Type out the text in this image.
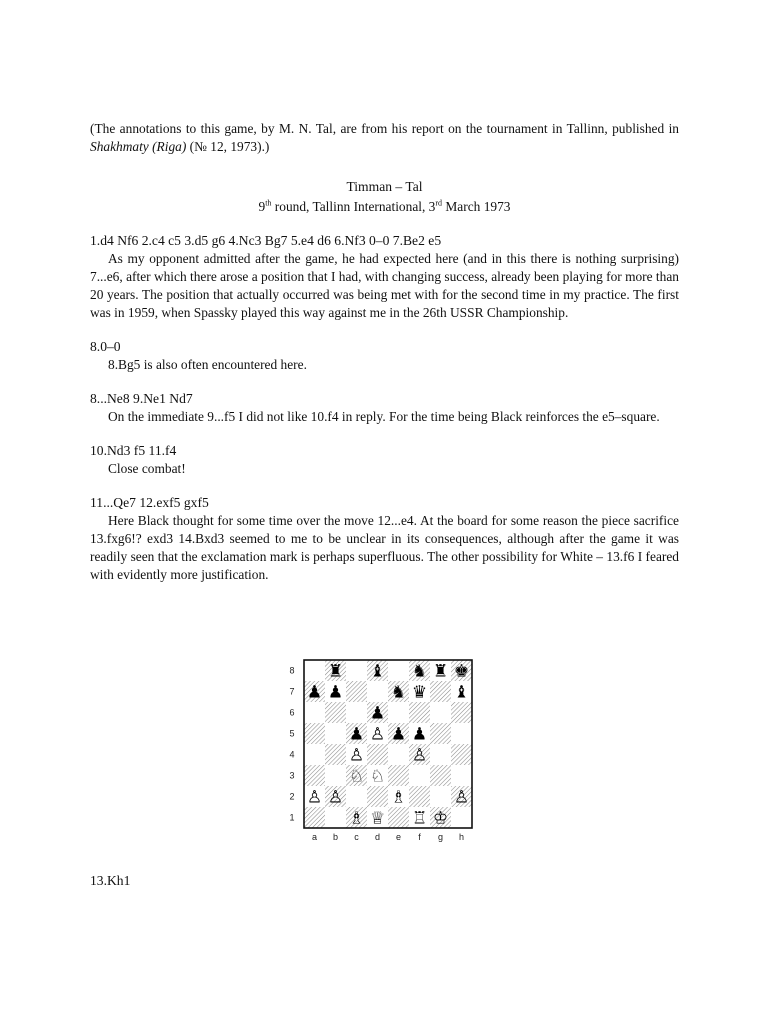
(The annotations to this game, by M. N. Tal, are from his report on the tournament in Tallinn, published in Shakhmaty (Riga) (№ 12, 1973).)

Timman – Tal
9th round, Tallinn International, 3rd March 1973

1.d4 Nf6 2.c4 c5 3.d5 g6 4.Nc3 Bg7 5.e4 d6 6.Nf3 0–0 7.Be2 e5

As my opponent admitted after the game, he had expected here (and in this there is nothing surprising) 7...e6, after which there arose a position that I had, with changing success, already been playing for more than 20 years. The position that actually occurred was being met with for the second time in my practice. The first was in 1959, when Spassky played this way against me in the 26th USSR Championship.

8.0–0

8.Bg5 is also often encountered here.

8...Ne8 9.Ne1 Nd7

On the immediate 9...f5 I did not like 10.f4 in reply. For the time being Black reinforces the e5–square.

10.Nd3 f5 11.f4

Close combat!

11...Qe7 12.exf5 gxf5

Here Black thought for some time over the move 12...e4. At the board for some reason the piece sacrifice 13.fxg6!? exd3 14.Bxd3 seemed to me to be unclear in its consequences, although after the game it was readily seen that the exclamation mark is perhaps superfluous. The other possibility for White – 13.f6 I feared with evidently more justification.

8
7
6
5
4
3
2
1
a b c d e f g h
♜ ♝ ♞ ♜ ♚
♟ ♟	♞ ♛ ♝
♟
♟ ♙ ♟ ♟
♙	♙
♘ ♘
♙ ♙	♗	♙
♗ ♕ ♖ ♔
13.Kh1
